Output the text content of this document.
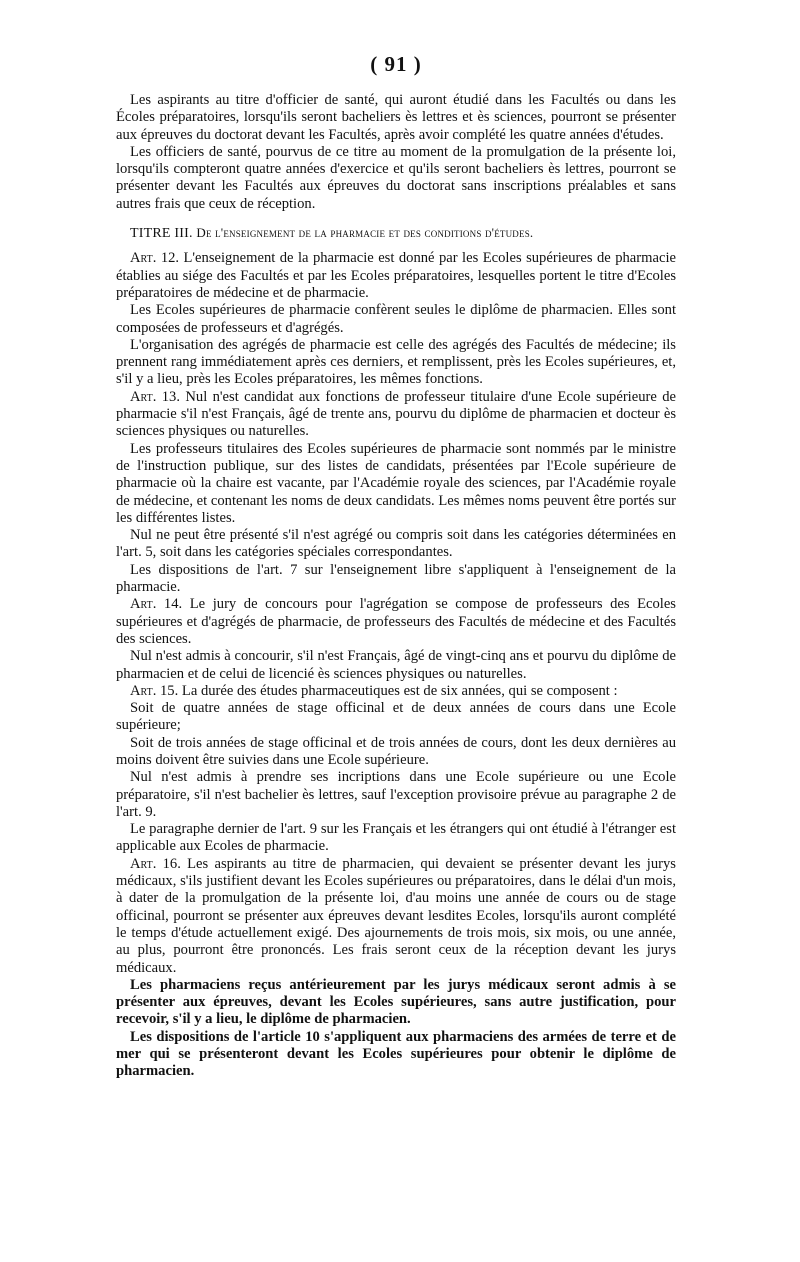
( 91 )

Les aspirants au titre d'officier de santé, qui auront étudié dans les Facultés ou dans les Écoles préparatoires, lorsqu'ils seront bacheliers ès lettres et ès sciences, pourront se présenter aux épreuves du doctorat devant les Facultés, après avoir complété les quatre années d'études.

Les officiers de santé, pourvus de ce titre au moment de la promulgation de la présente loi, lorsqu'ils compteront quatre années d'exercice et qu'ils seront bacheliers ès lettres, pourront se présenter devant les Facultés aux épreuves du doctorat sans inscriptions préalables et sans autres frais que ceux de réception.

TITRE III. De l'enseignement de la pharmacie et des conditions d'études.

Art. 12. L'enseignement de la pharmacie est donné par les Ecoles supérieures de pharmacie établies au siége des Facultés et par les Ecoles préparatoires, lesquelles portent le titre d'Ecoles préparatoires de médecine et de pharmacie.

Les Ecoles supérieures de pharmacie confèrent seules le diplôme de pharmacien. Elles sont composées de professeurs et d'agrégés.

L'organisation des agrégés de pharmacie est celle des agrégés des Facultés de médecine; ils prennent rang immédiatement après ces derniers, et remplissent, près les Ecoles supérieures, et, s'il y a lieu, près les Ecoles préparatoires, les mêmes fonctions.

Art. 13. Nul n'est candidat aux fonctions de professeur titulaire d'une Ecole supérieure de pharmacie s'il n'est Français, âgé de trente ans, pourvu du diplôme de pharmacien et docteur ès sciences physiques ou naturelles.

Les professeurs titulaires des Ecoles supérieures de pharmacie sont nommés par le ministre de l'instruction publique, sur des listes de candidats, présentées par l'Ecole supérieure de pharmacie où la chaire est vacante, par l'Académie royale des sciences, par l'Académie royale de médecine, et contenant les noms de deux candidats. Les mêmes noms peuvent être portés sur les différentes listes.

Nul ne peut être présenté s'il n'est agrégé ou compris soit dans les catégories déterminées en l'art. 5, soit dans les catégories spéciales correspondantes.

Les dispositions de l'art. 7 sur l'enseignement libre s'appliquent à l'enseignement de la pharmacie.

Art. 14. Le jury de concours pour l'agrégation se compose de professeurs des Ecoles supérieures et d'agrégés de pharmacie, de professeurs des Facultés de médecine et des Facultés des sciences.

Nul n'est admis à concourir, s'il n'est Français, âgé de vingt-cinq ans et pourvu du diplôme de pharmacien et de celui de licencié ès sciences physiques ou naturelles.

Art. 15. La durée des études pharmaceutiques est de six années, qui se composent :

Soit de quatre années de stage officinal et de deux années de cours dans une Ecole supérieure;

Soit de trois années de stage officinal et de trois années de cours, dont les deux dernières au moins doivent être suivies dans une Ecole supérieure.

Nul n'est admis à prendre ses incriptions dans une Ecole supérieure ou une Ecole préparatoire, s'il n'est bachelier ès lettres, sauf l'exception provisoire prévue au paragraphe 2 de l'art. 9.

Le paragraphe dernier de l'art. 9 sur les Français et les étrangers qui ont étudié à l'étranger est applicable aux Ecoles de pharmacie.

Art. 16. Les aspirants au titre de pharmacien, qui devaient se présenter devant les jurys médicaux, s'ils justifient devant les Ecoles supérieures ou préparatoires, dans le délai d'un mois, à dater de la promulgation de la présente loi, d'au moins une année de cours ou de stage officinal, pourront se présenter aux épreuves devant lesdites Ecoles, lorsqu'ils auront complété le temps d'étude actuellement exigé. Des ajournements de trois mois, six mois, ou une année, au plus, pourront être prononcés. Les frais seront ceux de la réception devant les jurys médicaux.

Les pharmaciens reçus antérieurement par les jurys médicaux seront admis à se présenter aux épreuves, devant les Ecoles supérieures, sans autre justification, pour recevoir, s'il y a lieu, le diplôme de pharmacien.

Les dispositions de l'article 10 s'appliquent aux pharmaciens des armées de terre et de mer qui se présenteront devant les Ecoles supérieures pour obtenir le diplôme de pharmacien.
